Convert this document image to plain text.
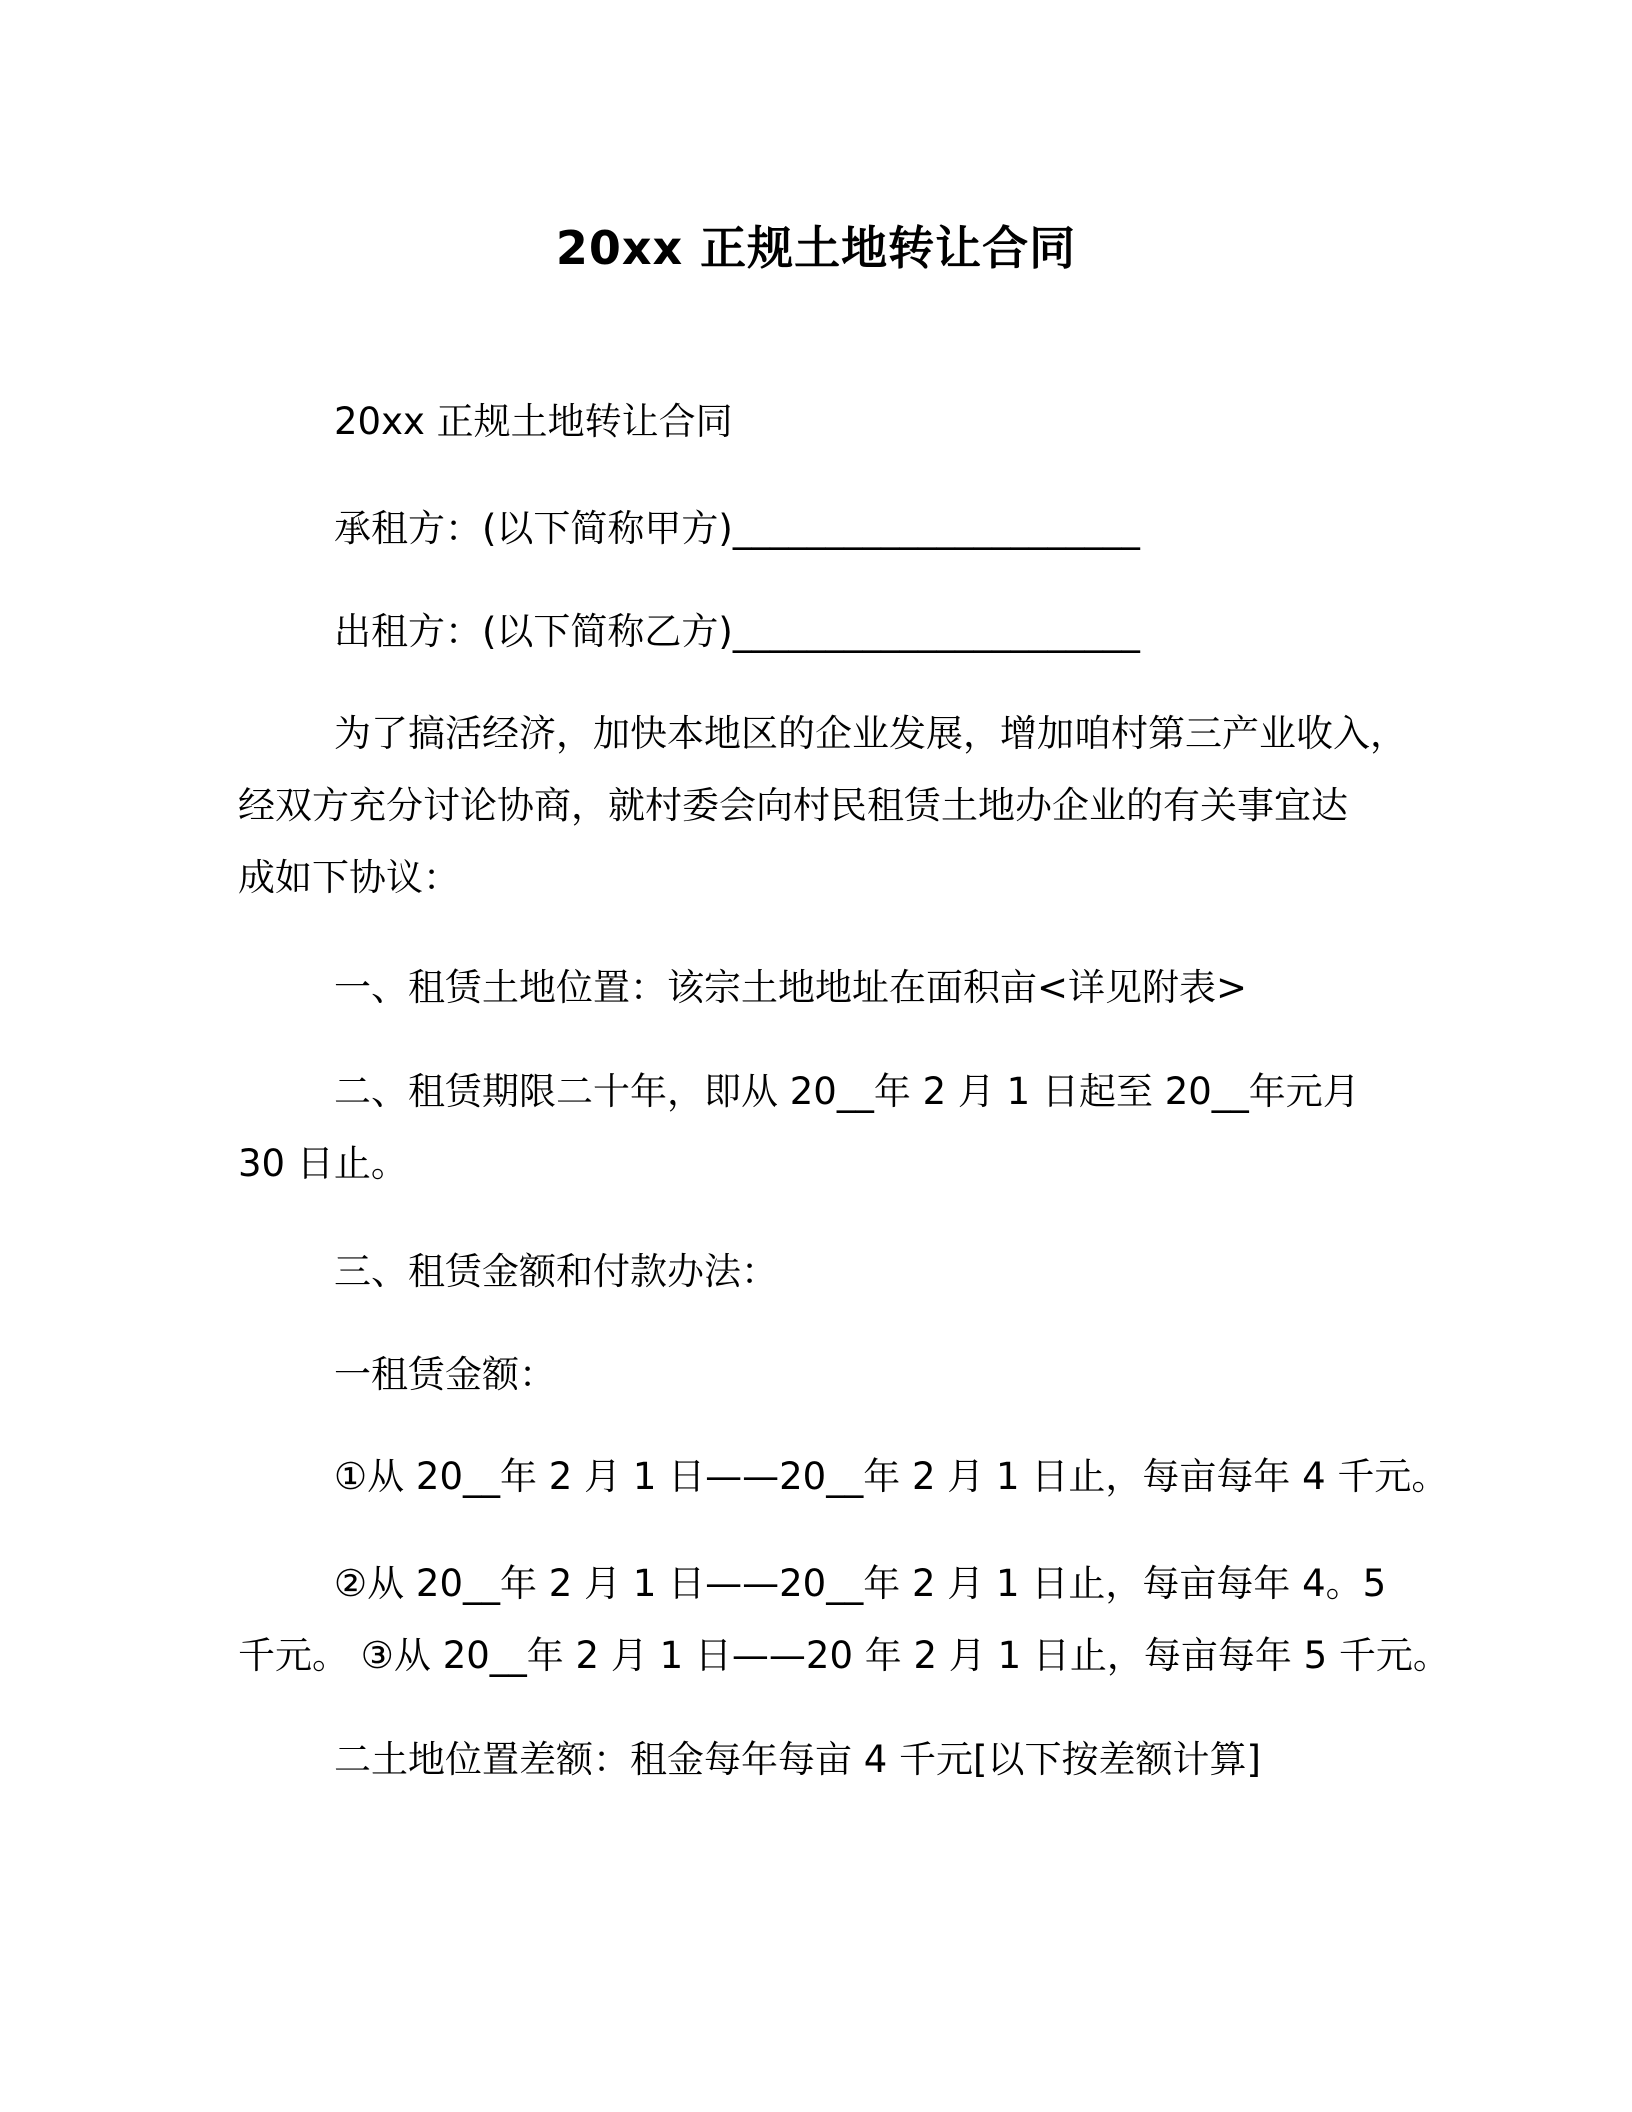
20xx 正规土地转让合同
20xx 正规土地转让合同
承租方：(以下简称甲方)______________________
出租方：(以下简称乙方)______________________
为了搞活经济，加快本地区的企业发展，增加咱村第三产业收入，
经双方充分讨论协商，就村委会向村民租赁土地办企业的有关事宜达
成如下协议：
一、租赁土地位置：该宗土地地址在面积亩<详见附表>
二、租赁期限二十年，即从 20__年 2 月 1 日起至 20__年元月
30 日止。
三、租赁金额和付款办法：
一租赁金额：
①从 20__年 2 月 1 日——20__年 2 月 1 日止，每亩每年 4 千元。
②从 20__年 2 月 1 日——20__年 2 月 1 日止，每亩每年 4。5
千元。 ③从 20__年 2 月 1 日——20 年 2 月 1 日止，每亩每年 5 千元。
二土地位置差额：租金每年每亩 4 千元[以下按差额计算]
